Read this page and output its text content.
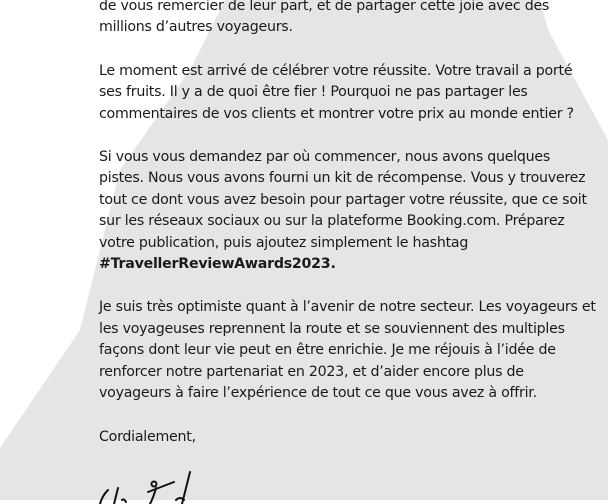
de vous remercier de leur part, et de partager cette joie avec des
millions d’autres voyageurs.

Le moment est arrivé de célébrer votre réussite. Votre travail a porté
ses fruits. Il y a de quoi être fier ! Pourquoi ne pas partager les
commentaires de vos clients et montrer votre prix au monde entier ?

Si vous vous demandez par où commencer, nous avons quelques
pistes. Nous vous avons fourni un kit de récompense. Vous y trouverez
tout ce dont vous avez besoin pour partager votre réussite, que ce soit
sur les réseaux sociaux ou sur la plateforme Booking.com. Préparez
votre publication, puis ajoutez simplement le hashtag
#TravellerReviewAwards2023.

Je suis très optimiste quant à l’avenir de notre secteur. Les voyageurs et
les voyageuses reprennent la route et se souviennent des multiples
façons dont leur vie peut en être enrichie. Je me réjouis à l’idée de
renforcer notre partenariat en 2023, et d’aider encore plus de
voyageurs à faire l’expérience de tout ce que vous avez à offrir.

Cordialement,
